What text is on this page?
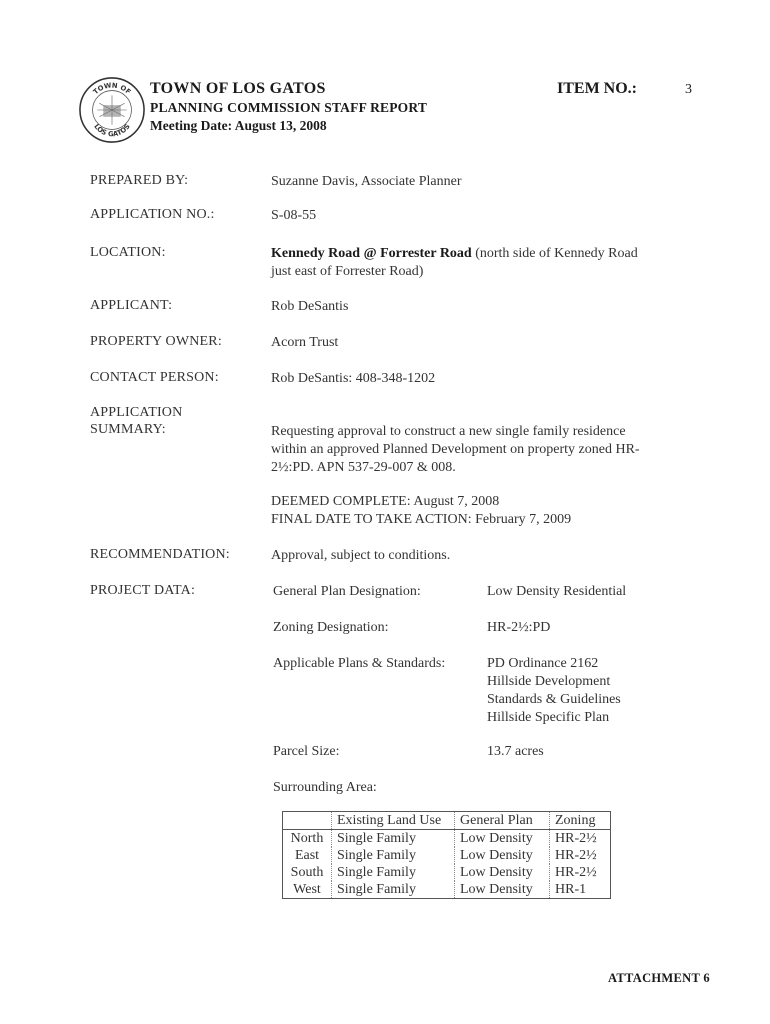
TOWN OF
LOS GATOS
TOWN OF LOS GATOS
PLANNING COMMISSION STAFF REPORT
Meeting Date: August 13, 2008
ITEM NO.:	3
PREPARED BY:	Suzanne Davis, Associate Planner
APPLICATION NO.:	S-08-55
LOCATION:	Kennedy Road @ Forrester Road (north side of Kennedy Road
just east of Forrester Road)
APPLICANT:	Rob DeSantis
PROPERTY OWNER:	Acorn Trust
CONTACT PERSON:	Rob DeSantis: 408-348-1202
APPLICATION
SUMMARY:	Requesting approval to construct a new single family residence
within an approved Planned Development on property zoned HR-
2½:PD. APN 537-29-007 & 008.
DEEMED COMPLETE: August 7, 2008
FINAL DATE TO TAKE ACTION: February 7, 2009
RECOMMENDATION:	Approval, subject to conditions.
PROJECT DATA:	General Plan Designation:	Low Density Residential
Zoning Designation:	HR-2½:PD
Applicable Plans & Standards:	PD Ordinance 2162
Hillside Development
Standards & Guidelines
Hillside Specific Plan
Parcel Size:	13.7 acres
Surrounding Area:
	Existing Land Use	General Plan	Zoning
North	Single Family	Low Density	HR-2½
East	Single Family	Low Density	HR-2½
South	Single Family	Low Density	HR-2½
West	Single Family	Low Density	HR-1
ATTACHMENT 6
